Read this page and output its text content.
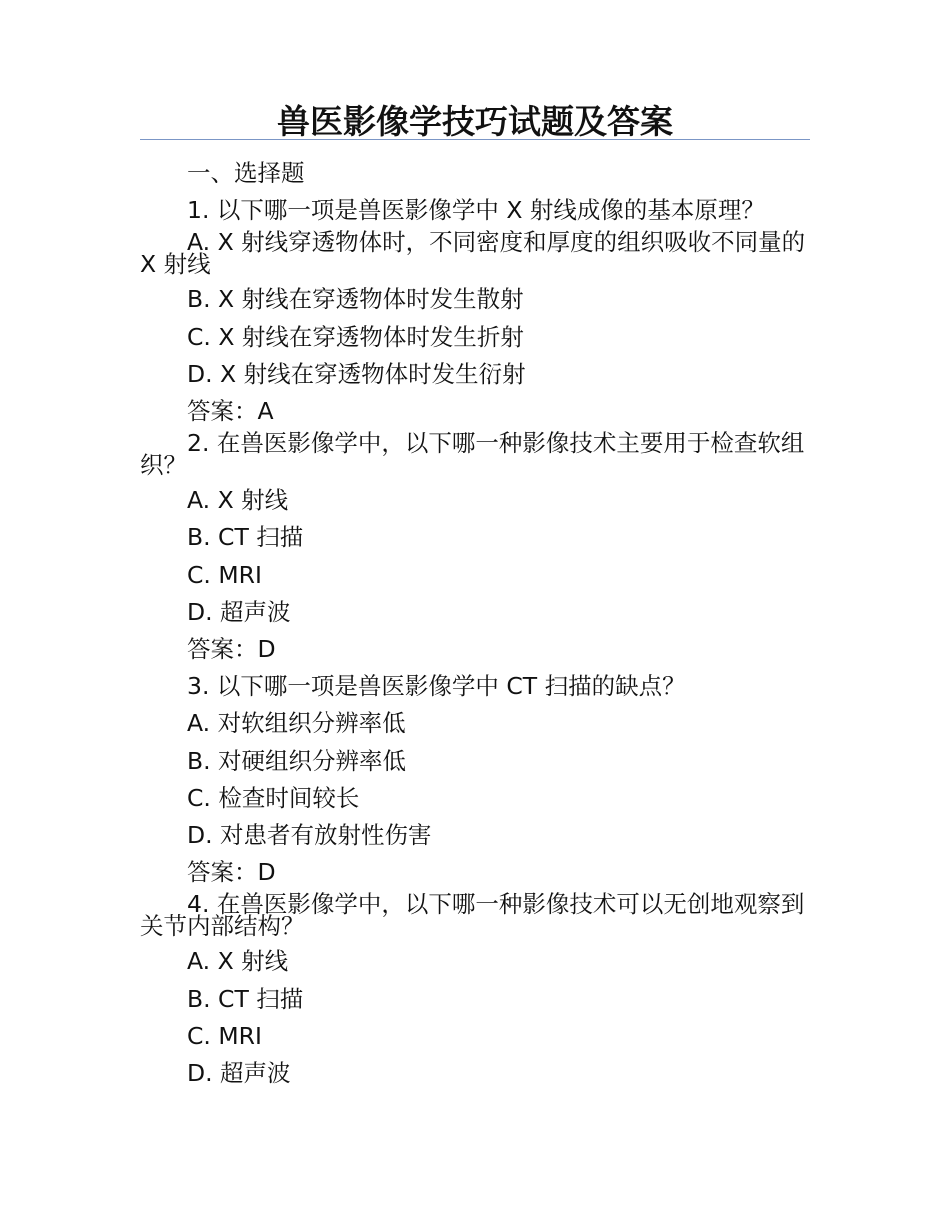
兽医影像学技巧试题及答案

一、选择题

1. 以下哪一项是兽医影像学中 X 射线成像的基本原理？

A. X 射线穿透物体时，不同密度和厚度的组织吸收不同量的 X 射线

B. X 射线在穿透物体时发生散射

C. X 射线在穿透物体时发生折射

D. X 射线在穿透物体时发生衍射

答案：A

2. 在兽医影像学中，以下哪一种影像技术主要用于检查软组织？

A. X 射线

B. CT 扫描

C. MRI

D. 超声波

答案：D

3. 以下哪一项是兽医影像学中 CT 扫描的缺点？

A. 对软组织分辨率低

B. 对硬组织分辨率低

C. 检查时间较长

D. 对患者有放射性伤害

答案：D

4. 在兽医影像学中，以下哪一种影像技术可以无创地观察到关节内部结构？

A. X 射线

B. CT 扫描

C. MRI

D. 超声波
